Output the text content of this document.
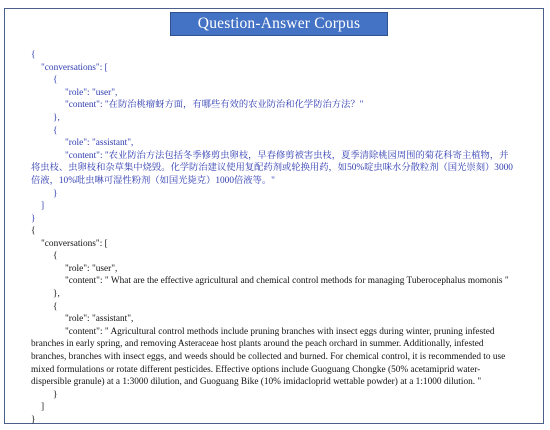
Question-Answer Corpus
{
"conversations": [
{
"role": "user",
"content": "在防治桃瘤蚜方面，有哪些有效的农业防治和化学防治方法？"
},
{
"role": "assistant",
"content": "农业防治方法包括冬季修剪虫卵枝，早春修剪被害虫枝，夏季清除桃园周围的菊花科寄主植物，并
将虫枝、虫卵枝和杂草集中烧毁。化学防治建议使用复配药剂或轮换用药，如50%啶虫咪水分散粒剂（国光崇刻）3000
倍液，10%吡虫啉可湿性粉剂（如国光毙克）1000倍液等。"
}
]
}
{
"conversations": [
{
"role": "user",
"content": " What are the effective agricultural and chemical control methods for managing Tuberocephalus momonis "
},
{
"role": "assistant",
"content": " Agricultural control methods include pruning branches with insect eggs during winter, pruning infested
branches in early spring, and removing Asteraceae host plants around the peach orchard in summer. Additionally, infested
branches, branches with insect eggs, and weeds should be collected and burned. For chemical control, it is recommended to use
mixed formulations or rotate different pesticides. Effective options include Guoguang Chongke (50% acetamiprid water-
dispersible granule) at a 1:3000 dilution, and Guoguang Bike (10% imidacloprid wettable powder) at a 1:1000 dilution. "
}
]
}
